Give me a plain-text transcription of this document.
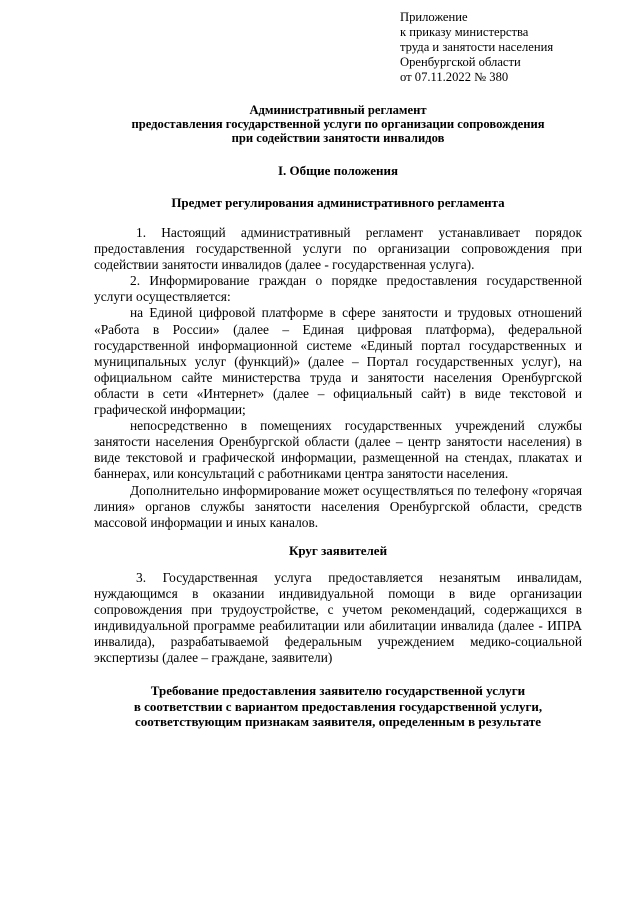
Приложение
к приказу министерства
труда и занятости населения
Оренбургской области
от 07.11.2022 № 380
Административный регламент
предоставления государственной услуги по организации сопровождения
при содействии занятости инвалидов
I. Общие положения
Предмет регулирования административного регламента

1. Настоящий административный регламент устанавливает порядок предоставления государственной услуги по организации сопровождения при содействии занятости инвалидов (далее - государственная услуга).

2. Информирование граждан о порядке предоставления государственной услуги осуществляется:

на Единой цифровой платформе в сфере занятости и трудовых отношений «Работа в России» (далее – Единая цифровая платформа), федеральной государственной информационной системе «Единый портал государственных и муниципальных услуг (функций)» (далее – Портал государственных услуг), на официальном сайте министерства труда и занятости населения Оренбургской области в сети «Интернет» (далее – официальный сайт) в виде текстовой и графической информации;

непосредственно в помещениях государственных учреждений службы занятости населения Оренбургской области (далее – центр занятости населения) в виде текстовой и графической информации, размещенной на стендах, плакатах и баннерах, или консультаций с работниками центра занятости населения.

Дополнительно информирование может осуществляться по телефону «горячая линия» органов службы занятости населения Оренбургской области, средств массовой информации и иных каналов.

Круг заявителей

3. Государственная услуга предоставляется незанятым инвалидам, нуждающимся в оказании индивидуальной помощи в виде организации сопровождения при трудоустройстве, с учетом рекомендаций, содержащихся в индивидуальной программе реабилитации или абилитации инвалида (далее - ИПРА инвалида), разрабатываемой федеральным учреждением медико-социальной экспертизы (далее – граждане, заявители)

Требование предоставления заявителю государственной услуги
в соответствии с вариантом предоставления государственной услуги,
соответствующим признакам заявителя, определенным в результате
